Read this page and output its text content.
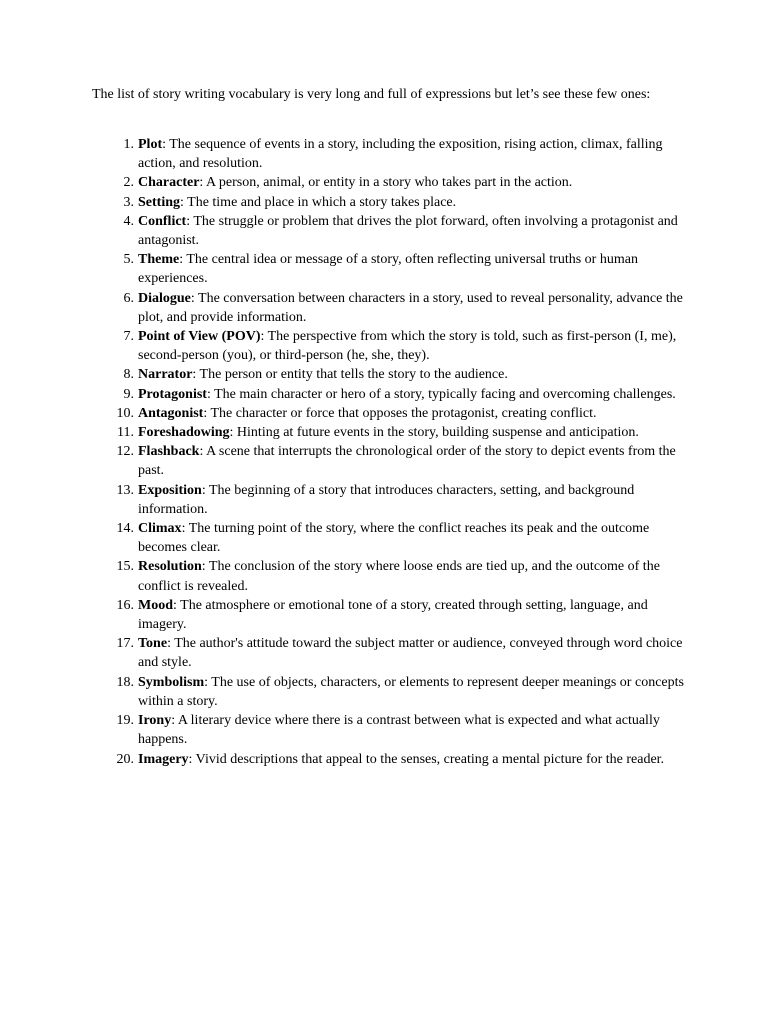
The list of story writing vocabulary is very long and full of expressions but let’s see these few ones:

1. Plot: The sequence of events in a story, including the exposition, rising action, climax, falling action, and resolution.
2. Character: A person, animal, or entity in a story who takes part in the action.
3. Setting: The time and place in which a story takes place.
4. Conflict: The struggle or problem that drives the plot forward, often involving a protagonist and antagonist.
5. Theme: The central idea or message of a story, often reflecting universal truths or human experiences.
6. Dialogue: The conversation between characters in a story, used to reveal personality, advance the plot, and provide information.
7. Point of View (POV): The perspective from which the story is told, such as first-person (I, me), second-person (you), or third-person (he, she, they).
8. Narrator: The person or entity that tells the story to the audience.
9. Protagonist: The main character or hero of a story, typically facing and overcoming challenges.
10. Antagonist: The character or force that opposes the protagonist, creating conflict.
11. Foreshadowing: Hinting at future events in the story, building suspense and anticipation.
12. Flashback: A scene that interrupts the chronological order of the story to depict events from the past.
13. Exposition: The beginning of a story that introduces characters, setting, and background information.
14. Climax: The turning point of the story, where the conflict reaches its peak and the outcome becomes clear.
15. Resolution: The conclusion of the story where loose ends are tied up, and the outcome of the conflict is revealed.
16. Mood: The atmosphere or emotional tone of a story, created through setting, language, and imagery.
17. Tone: The author's attitude toward the subject matter or audience, conveyed through word choice and style.
18. Symbolism: The use of objects, characters, or elements to represent deeper meanings or concepts within a story.
19. Irony: A literary device where there is a contrast between what is expected and what actually happens.
20. Imagery: Vivid descriptions that appeal to the senses, creating a mental picture for the reader.
